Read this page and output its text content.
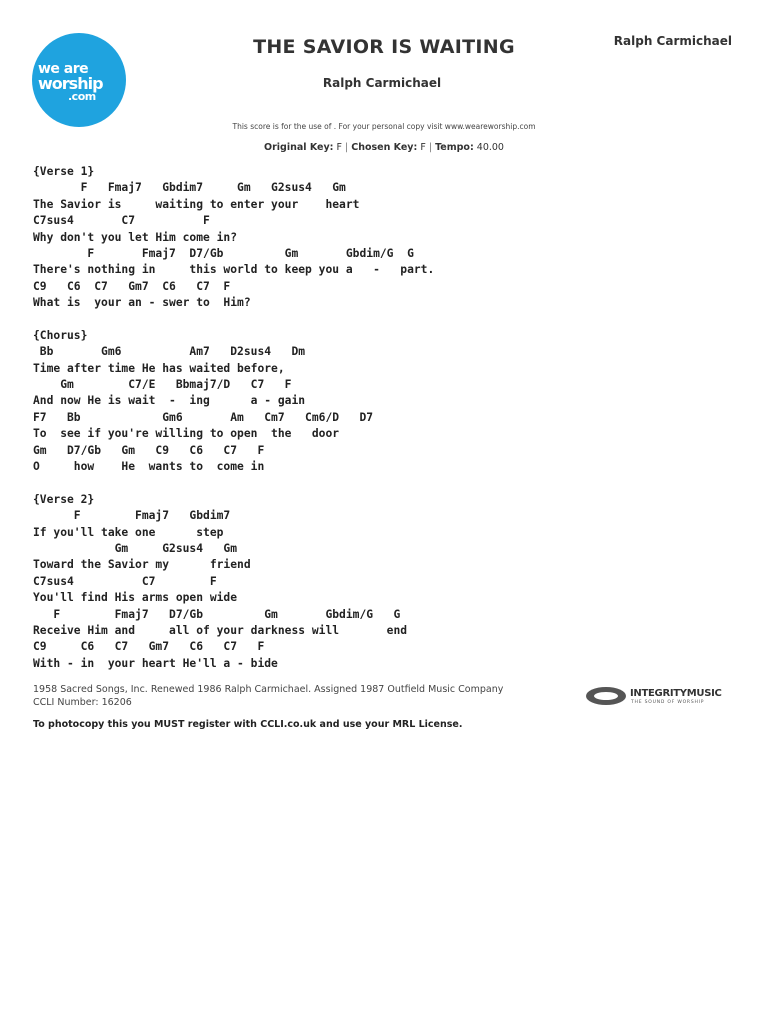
we are
worship
.com
THE SAVIOR IS WAITING	Ralph Carmichael
Ralph Carmichael
This score is for the use of . For your personal copy visit www.weareworship.com
Original Key: F | Chosen Key: F | Tempo: 40.00
{Verse 1}
F   Fmaj7   Gbdim7     Gm   G2sus4   Gm
The Savior is     waiting to enter your    heart
C7sus4       C7          F
Why don't you let Him come in?
F       Fmaj7  D7/Gb         Gm       Gbdim/G  G
There's nothing in     this world to keep you a   -   part.
C9   C6  C7   Gm7  C6   C7  F
What is  your an - swer to  Him?
{Chorus}
Bb       Gm6          Am7   D2sus4   Dm
Time after time He has waited before,
Gm        C7/E   Bbmaj7/D   C7   F
And now He is wait  -  ing      a - gain
F7   Bb            Gm6       Am   Cm7   Cm6/D   D7
To  see if you're willing to open  the   door
Gm   D7/Gb   Gm   C9   C6   C7   F
O     how    He  wants to  come in
{Verse 2}
F        Fmaj7   Gbdim7
If you'll take one      step
Gm     G2sus4   Gm
Toward the Savior my      friend
C7sus4          C7        F
You'll find His arms open wide
F        Fmaj7   D7/Gb         Gm       Gbdim/G   G
Receive Him and     all of your darkness will       end
C9     C6   C7   Gm7   C6   C7   F
With - in  your heart He'll a - bide
1958 Sacred Songs, Inc. Renewed 1986 Ralph Carmichael. Assigned 1987 Outfield Music Company
CCLI Number: 16206
To photocopy this you MUST register with CCLI.co.uk and use your MRL License.
INTEGRITYMUSIC
THE SOUND OF WORSHIP
